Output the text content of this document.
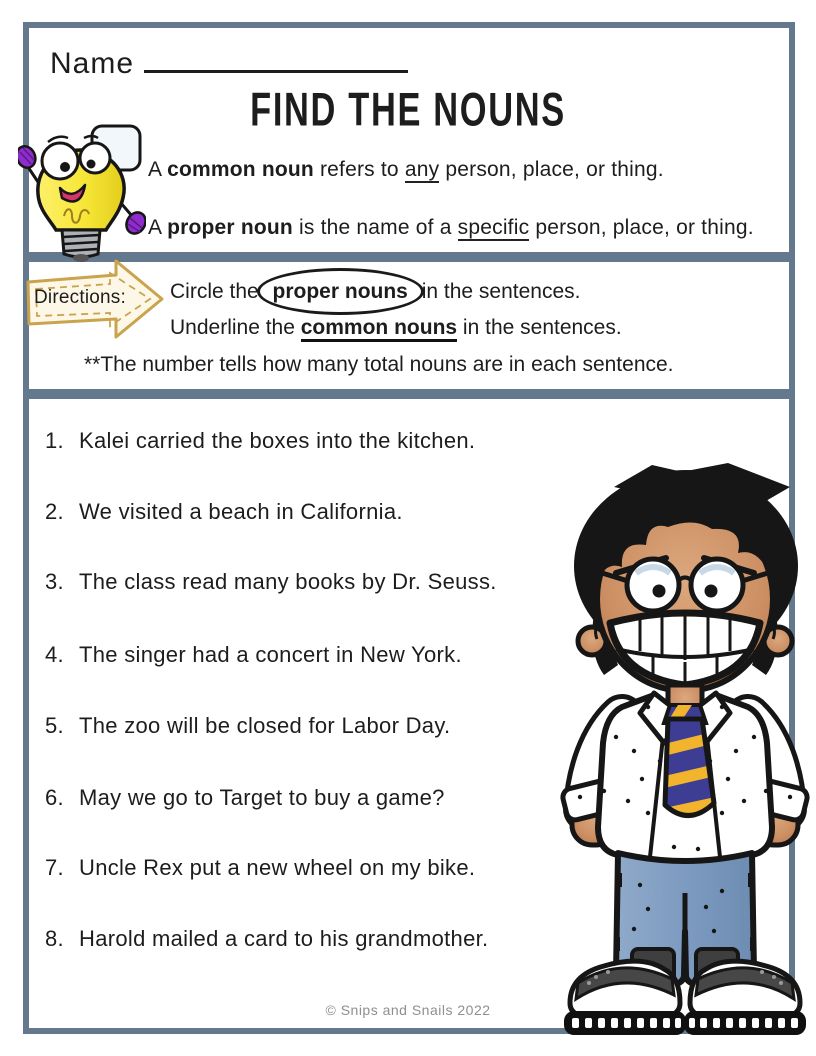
Name
FIND THE NOUNS
A common noun refers to any person, place, or thing.
A proper noun is the name of a specific person, place, or thing.
Directions: Circle the proper nouns in the sentences.
Underline the common nouns in the sentences.
**The number tells how many total nouns are in each sentence.
1. Kalei carried the boxes into the kitchen.
2. We visited a beach in California.
3. The class read many books by Dr. Seuss.
4. The singer had a concert in New York.
5. The zoo will be closed for Labor Day.
6. May we go to Target to buy a game?
7. Uncle Rex put a new wheel on my bike.
8. Harold mailed a card to his grandmother.
© Snips and Snails 2022
